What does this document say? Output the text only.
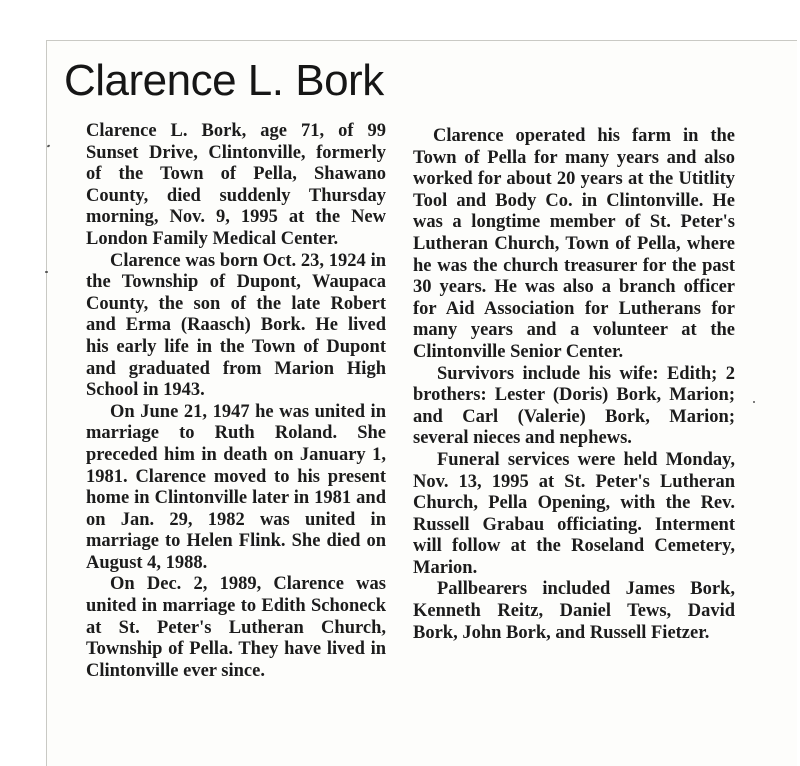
Clarence L. Bork

Clarence L. Bork, age 71, of 99 Sunset Drive, Clintonville, formerly of the Town of Pella, Shawano County, died suddenly Thursday morning, Nov. 9, 1995 at the New London Family Medical Center.

Clarence was born Oct. 23, 1924 in the Township of Dupont, Waupaca County, the son of the late Robert and Erma (Raasch) Bork. He lived his early life in the Town of Dupont and graduated from Marion High School in 1943.

On June 21, 1947 he was united in marriage to Ruth Roland. She preceded him in death on January 1, 1981. Clarence moved to his present home in Clintonville later in 1981 and on Jan. 29, 1982 was united in marriage to Helen Flink. She died on August 4, 1988.

On Dec. 2, 1989, Clarence was united in marriage to Edith Schoneck at St. Peter's Lutheran Church, Township of Pella. They have lived in Clintonville ever since.

Clarence operated his farm in the Town of Pella for many years and also worked for about 20 years at the Utitlity Tool and Body Co. in Clintonville. He was a longtime member of St. Peter's Lutheran Church, Town of Pella, where he was the church treasurer for the past 30 years. He was also a branch officer for Aid Association for Lutherans for many years and a volunteer at the Clintonville Senior Center.

Survivors include his wife: Edith; 2 brothers: Lester (Doris) Bork, Marion; and Carl (Valerie) Bork, Marion; several nieces and nephews.

Funeral services were held Monday, Nov. 13, 1995 at St. Peter's Lutheran Church, Pella Opening, with the Rev. Russell Grabau officiating. Interment will follow at the Roseland Cemetery, Marion.

Pallbearers included James Bork, Kenneth Reitz, Daniel Tews, David Bork, John Bork, and Russell Fietzer.
